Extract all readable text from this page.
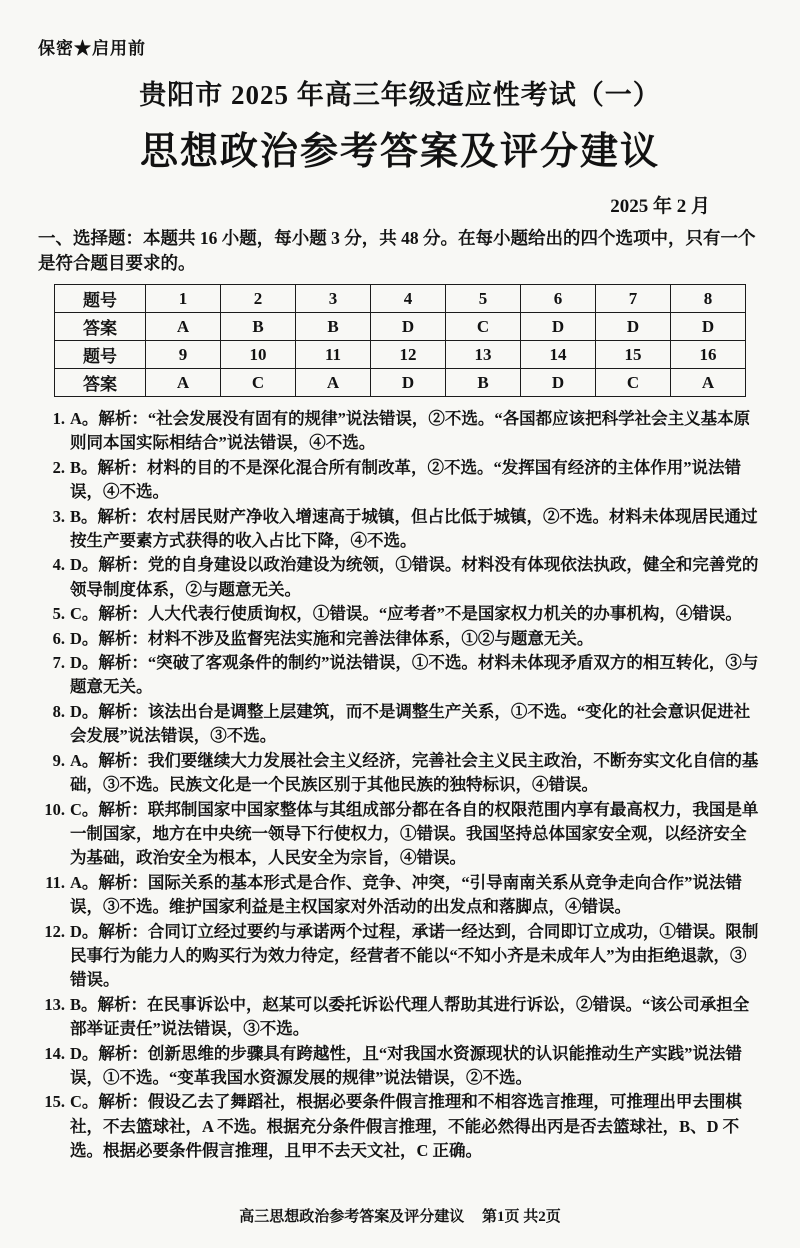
保密★启用前
贵阳市 2025 年高三年级适应性考试（一）
思想政治参考答案及评分建议
2025 年 2 月
一、选择题：本题共 16 小题，每小题 3 分，共 48 分。在每小题给出的四个选项中，只有一个是符合题目要求的。
题号	1	2	3	4	5	6	7	8
答案	A	B	B	D	C	D	D	D
题号	9	10	11	12	13	14	15	16
答案	A	C	A	D	B	D	C	A
1. A。解析：“社会发展没有固有的规律”说法错误，②不选。“各国都应该把科学社会主义基本原则同本国实际相结合”说法错误，④不选。
2. B。解析：材料的目的不是深化混合所有制改革，②不选。“发挥国有经济的主体作用”说法错误，④不选。
3. B。解析：农村居民财产净收入增速高于城镇，但占比低于城镇，②不选。材料未体现居民通过按生产要素方式获得的收入占比下降，④不选。
4. D。解析：党的自身建设以政治建设为统领，①错误。材料没有体现依法执政，健全和完善党的领导制度体系，②与题意无关。
5. C。解析：人大代表行使质询权，①错误。“应考者”不是国家权力机关的办事机构，④错误。
6. D。解析：材料不涉及监督宪法实施和完善法律体系，①②与题意无关。
7. D。解析：“突破了客观条件的制约”说法错误，①不选。材料未体现矛盾双方的相互转化，③与题意无关。
8. D。解析：该法出台是调整上层建筑，而不是调整生产关系，①不选。“变化的社会意识促进社会发展”说法错误，③不选。
9. A。解析：我们要继续大力发展社会主义经济，完善社会主义民主政治，不断夯实文化自信的基础，③不选。民族文化是一个民族区别于其他民族的独特标识，④错误。
10. C。解析：联邦制国家中国家整体与其组成部分都在各自的权限范围内享有最高权力，我国是单一制国家，地方在中央统一领导下行使权力，①错误。我国坚持总体国家安全观，以经济安全为基础，政治安全为根本，人民安全为宗旨，④错误。
11. A。解析：国际关系的基本形式是合作、竞争、冲突，“引导南南关系从竞争走向合作”说法错误，③不选。维护国家利益是主权国家对外活动的出发点和落脚点，④错误。
12. D。解析：合同订立经过要约与承诺两个过程，承诺一经达到，合同即订立成功，①错误。限制民事行为能力人的购买行为效力待定，经营者不能以“不知小齐是未成年人”为由拒绝退款，③错误。
13. B。解析：在民事诉讼中，赵某可以委托诉讼代理人帮助其进行诉讼，②错误。“该公司承担全部举证责任”说法错误，③不选。
14. D。解析：创新思维的步骤具有跨越性，且“对我国水资源现状的认识能推动生产实践”说法错误，①不选。“变革我国水资源发展的规律”说法错误，②不选。
15. C。解析：假设乙去了舞蹈社，根据必要条件假言推理和不相容选言推理，可推理出甲去围棋社，不去篮球社，A 不选。根据充分条件假言推理，不能必然得出丙是否去篮球社，B、D 不选。根据必要条件假言推理，且甲不去天文社，C 正确。
高三思想政治参考答案及评分建议 第1页 共2页
